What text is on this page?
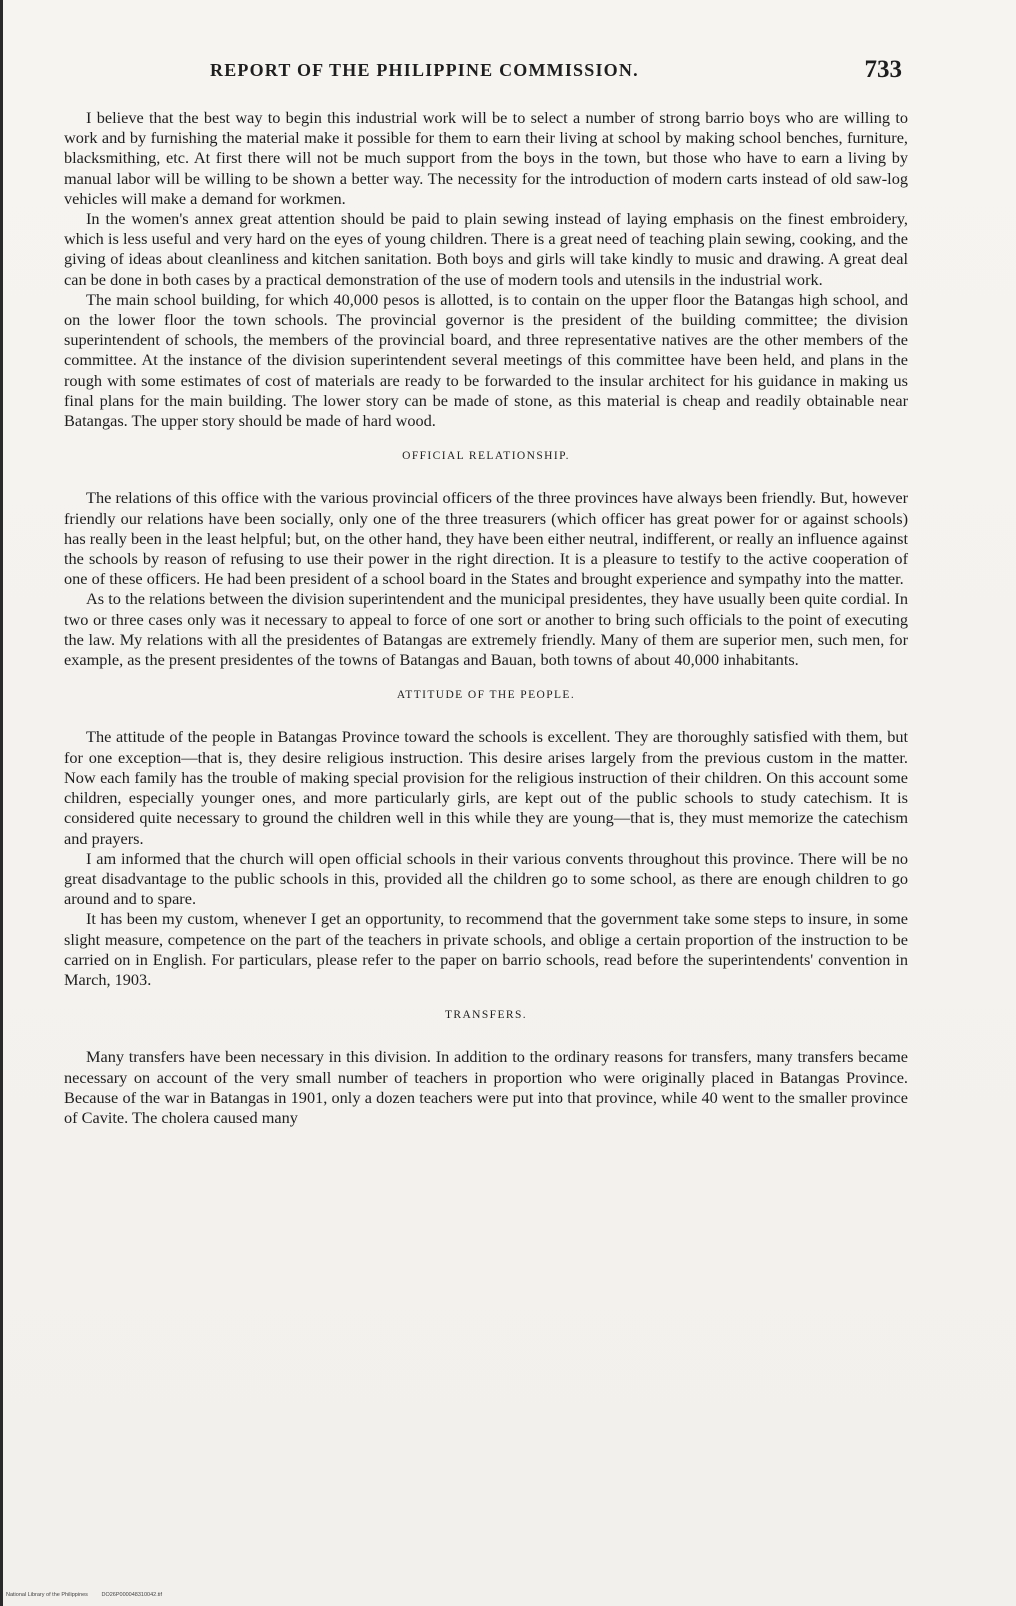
REPORT OF THE PHILIPPINE COMMISSION.	733

I believe that the best way to begin this industrial work will be to select a number of strong barrio boys who are willing to work and by furnishing the material make it possible for them to earn their living at school by making school benches, furniture, blacksmithing, etc. At first there will not be much support from the boys in the town, but those who have to earn a living by manual labor will be willing to be shown a better way. The necessity for the introduction of modern carts instead of old saw-log vehicles will make a demand for workmen.

In the women's annex great attention should be paid to plain sewing instead of laying emphasis on the finest embroidery, which is less useful and very hard on the eyes of young children. There is a great need of teaching plain sewing, cooking, and the giving of ideas about cleanliness and kitchen sanitation. Both boys and girls will take kindly to music and drawing. A great deal can be done in both cases by a practical demonstration of the use of modern tools and utensils in the industrial work.

The main school building, for which 40,000 pesos is allotted, is to contain on the upper floor the Batangas high school, and on the lower floor the town schools. The provincial governor is the president of the building committee; the division superintendent of schools, the members of the provincial board, and three representative natives are the other members of the committee. At the instance of the division superintendent several meetings of this committee have been held, and plans in the rough with some estimates of cost of materials are ready to be forwarded to the insular architect for his guidance in making us final plans for the main building. The lower story can be made of stone, as this material is cheap and readily obtainable near Batangas. The upper story should be made of hard wood.

OFFICIAL RELATIONSHIP.

The relations of this office with the various provincial officers of the three provinces have always been friendly. But, however friendly our relations have been socially, only one of the three treasurers (which officer has great power for or against schools) has really been in the least helpful; but, on the other hand, they have been either neutral, indifferent, or really an influence against the schools by reason of refusing to use their power in the right direction. It is a pleasure to testify to the active cooperation of one of these officers. He had been president of a school board in the States and brought experience and sympathy into the matter.

As to the relations between the division superintendent and the municipal presidentes, they have usually been quite cordial. In two or three cases only was it necessary to appeal to force of one sort or another to bring such officials to the point of executing the law. My relations with all the presidentes of Batangas are extremely friendly. Many of them are superior men, such men, for example, as the present presidentes of the towns of Batangas and Bauan, both towns of about 40,000 inhabitants.

ATTITUDE OF THE PEOPLE.

The attitude of the people in Batangas Province toward the schools is excellent. They are thoroughly satisfied with them, but for one exception—that is, they desire religious instruction. This desire arises largely from the previous custom in the matter. Now each family has the trouble of making special provision for the religious instruction of their children. On this account some children, especially younger ones, and more particularly girls, are kept out of the public schools to study catechism. It is considered quite necessary to ground the children well in this while they are young—that is, they must memorize the catechism and prayers.

I am informed that the church will open official schools in their various convents throughout this province. There will be no great disadvantage to the public schools in this, provided all the children go to some school, as there are enough children to go around and to spare.

It has been my custom, whenever I get an opportunity, to recommend that the government take some steps to insure, in some slight measure, competence on the part of the teachers in private schools, and oblige a certain proportion of the instruction to be carried on in English. For particulars, please refer to the paper on barrio schools, read before the superintendents' convention in March, 1903.

TRANSFERS.

Many transfers have been necessary in this division. In addition to the ordinary reasons for transfers, many transfers became necessary on account of the very small number of teachers in proportion who were originally placed in Batangas Province. Because of the war in Batangas in 1901, only a dozen teachers were put into that province, while 40 went to the smaller province of Cavite. The cholera caused many

National Library of the Philippines DO26P000048310042.tif
